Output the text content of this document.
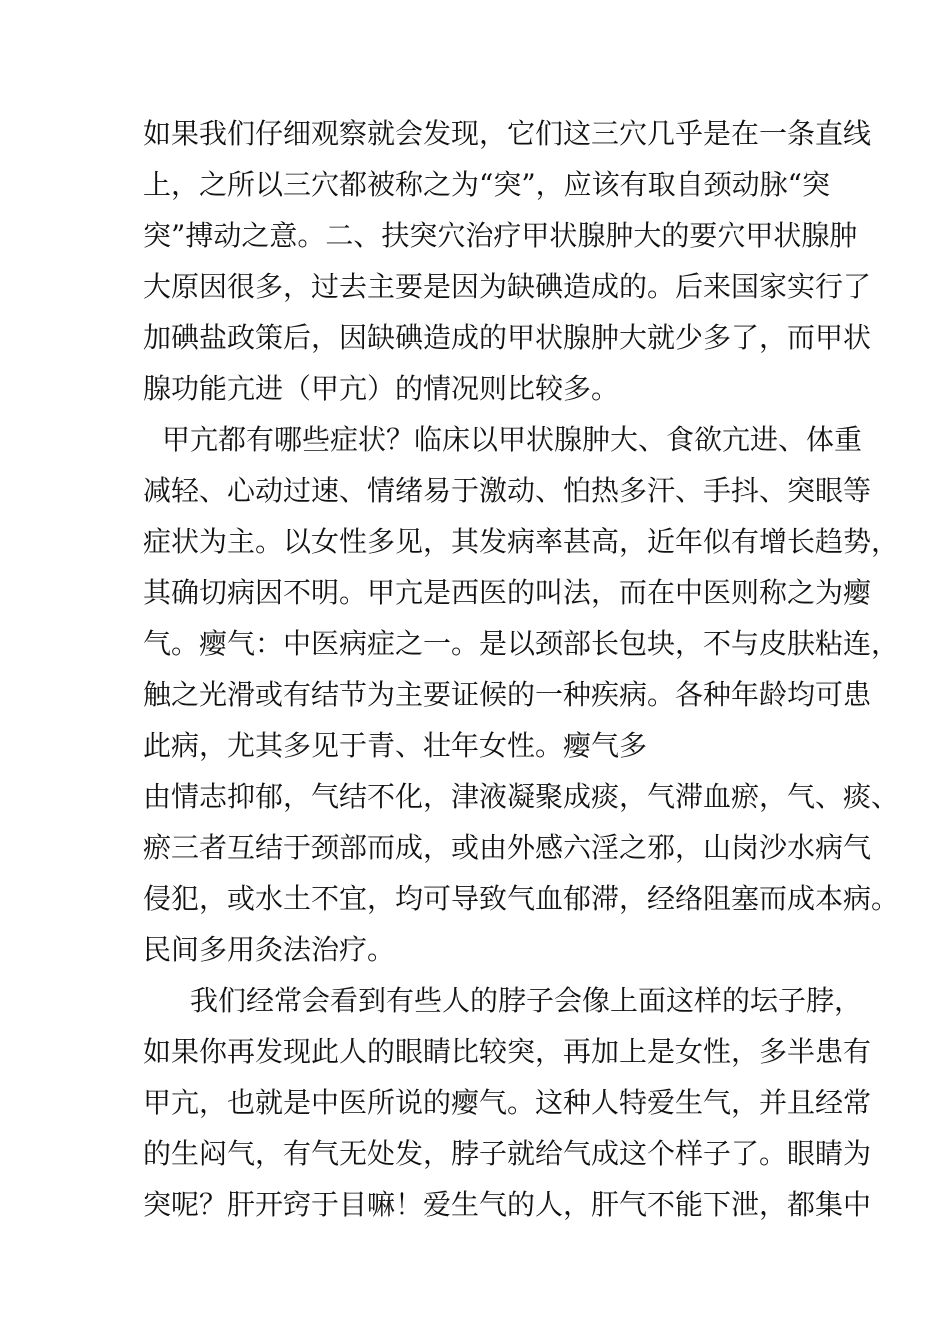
如果我们仔细观察就会发现，它们这三穴几乎是在一条直线
上，之所以三穴都被称之为“突”，应该有取自颈动脉“突
突”搏动之意。二、扶突穴治疗甲状腺肿大的要穴甲状腺肿
大原因很多，过去主要是因为缺碘造成的。后来国家实行了
加碘盐政策后，因缺碘造成的甲状腺肿大就少多了，而甲状
腺功能亢进（甲亢）的情况则比较多。
甲亢都有哪些症状？临床以甲状腺肿大、食欲亢进、体重
减轻、心动过速、情绪易于激动、怕热多汗、手抖、突眼等
症状为主。以女性多见，其发病率甚高，近年似有增长趋势，
其确切病因不明。甲亢是西医的叫法，而在中医则称之为瘿
气。瘿气：中医病症之一。是以颈部长包块，不与皮肤粘连，
触之光滑或有结节为主要证候的一种疾病。各种年龄均可患
此病，尤其多见于青、壮年女性。瘿气多
由情志抑郁，气结不化，津液凝聚成痰，气滞血瘀，气、痰、
瘀三者互结于颈部而成，或由外感六淫之邪，山岗沙水病气
侵犯，或水土不宜，均可导致气血郁滞，经络阻塞而成本病。
民间多用灸法治疗。
我们经常会看到有些人的脖子会像上面这样的坛子脖，
如果你再发现此人的眼睛比较突，再加上是女性，多半患有
甲亢，也就是中医所说的瘿气。这种人特爱生气，并且经常
的生闷气，有气无处发，脖子就给气成这个样子了。眼睛为
突呢？肝开窍于目嘛！爱生气的人，肝气不能下泄，都集中
